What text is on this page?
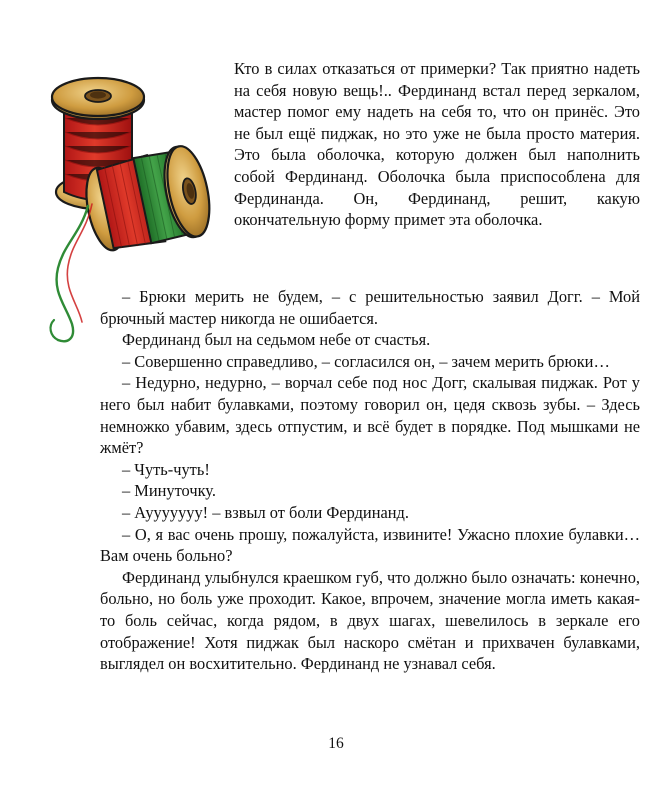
Кто в силах отказаться от примерки? Так приятно надеть на себя новую вещь!.. Фердинанд встал перед зеркалом, мастер помог ему надеть на себя то, что он принёс. Это не был ещё пиджак, но это уже не была просто материя. Это была оболочка, которую должен был наполнить собой Фердинанд. Оболочка была приспособлена для Фердинанда. Он, Фердинанд, решит, какую окончательную форму примет эта оболочка.

– Брюки мерить не будем, – с решительностью заявил Догг. – Мой брючный мастер никогда не ошибается.

Фердинанд был на седьмом небе от счастья.

– Совершенно справедливо, – согласился он, – зачем мерить брюки…

– Недурно, недурно, – ворчал себе под нос Догг, скалывая пиджак. Рот у него был набит булавками, поэтому говорил он, цедя сквозь зубы. – Здесь немножко убавим, здесь отпустим, и всё будет в порядке. Под мышками не жмёт?

– Чуть-чуть!

– Минуточку.

– Аууууууу! – взвыл от боли Фердинанд.

– О, я вас очень прошу, пожалуйста, извините! Ужасно плохие булавки… Вам очень больно?

Фердинанд улыбнулся краешком губ, что должно было означать: конечно, больно, но боль уже проходит. Какое, впрочем, значение могла иметь какая-то боль сейчас, когда рядом, в двух шагах, шевелилось в зеркале его отображение! Хотя пиджак был наскоро смётан и прихвачен булавками, выглядел он восхитительно. Фердинанд не узнавал себя.

16
